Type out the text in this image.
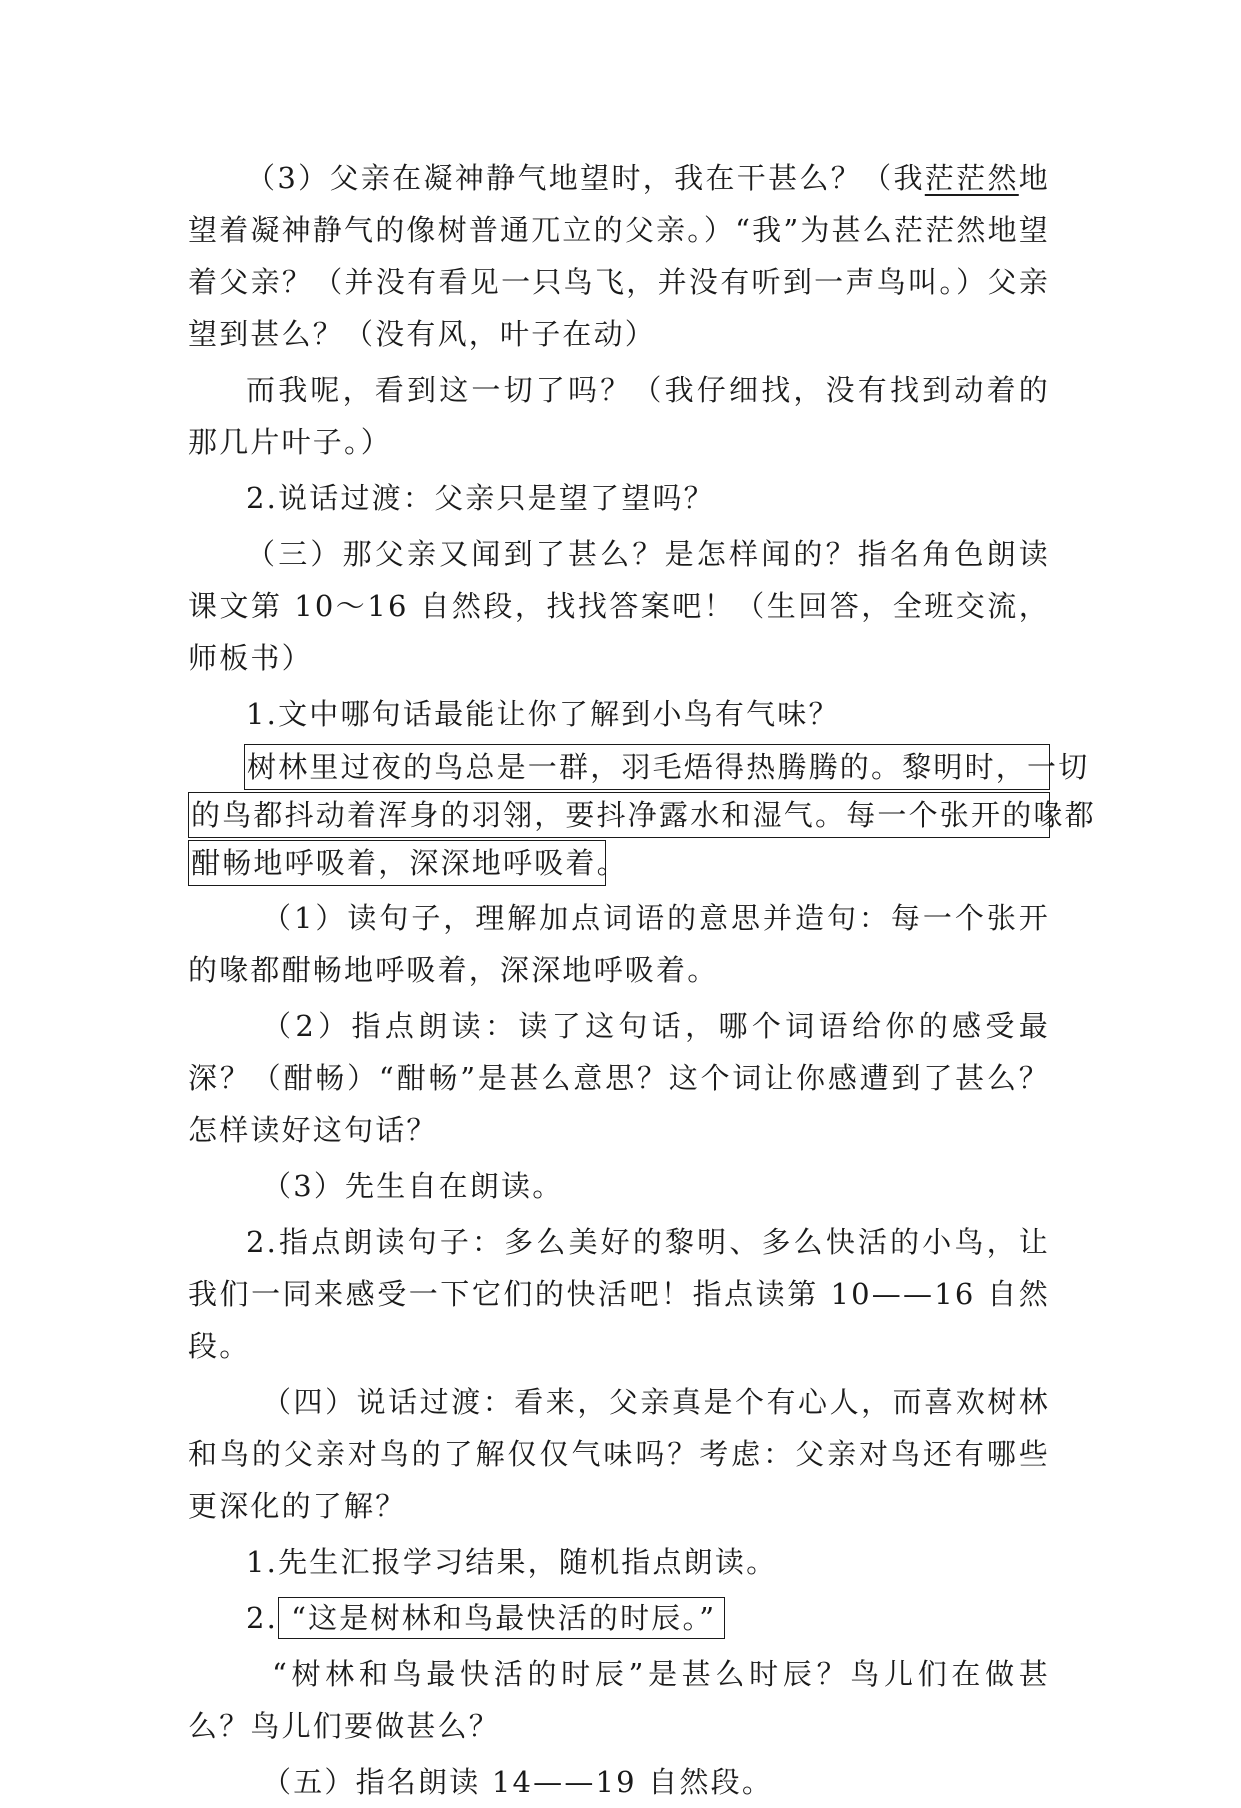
（3）父亲在凝神静气地望时，我在干甚么？（我茫茫然地望着凝神静气的像树普通兀立的父亲。）“我”为甚么茫茫然地望着父亲？（并没有看见一只鸟飞，并没有听到一声鸟叫。）父亲望到甚么？（没有风，叶子在动）

而我呢，看到这一切了吗？（我仔细找，没有找到动着的那几片叶子。）

2.说话过渡：父亲只是望了望吗？

（三）那父亲又闻到了甚么？是怎样闻的？指名角色朗读课文第 10～16 自然段，找找答案吧！（生回答，全班交流，师板书）

1.文中哪句话最能让你了解到小鸟有气味？

树林里过夜的鸟总是一群，羽毛焐得热腾腾的。黎明时，一切
的鸟都抖动着浑身的羽翎，要抖净露水和湿气。每一个张开的喙都
酣畅地呼吸着，深深地呼吸着。

（1）读句子，理解加点词语的意思并造句：每一个张开的喙都酣畅地呼吸着，深深地呼吸着。

（2）指点朗读：读了这句话，哪个词语给你的感受最深？（酣畅）“酣畅”是甚么意思？这个词让你感遭到了甚么？怎样读好这句话？

（3）先生自在朗读。

2.指点朗读句子：多么美好的黎明、多么快活的小鸟，让我们一同来感受一下它们的快活吧！指点读第 10——16 自然段。

（四）说话过渡：看来，父亲真是个有心人，而喜欢树林和鸟的父亲对鸟的了解仅仅气味吗？考虑：父亲对鸟还有哪些更深化的了解？

1.先生汇报学习结果，随机指点朗读。

2. “这是树林和鸟最快活的时辰。”

“树林和鸟最快活的时辰”是甚么时辰？鸟儿们在做甚么？鸟儿们要做甚么？

（五）指名朗读 14——19 自然段。
